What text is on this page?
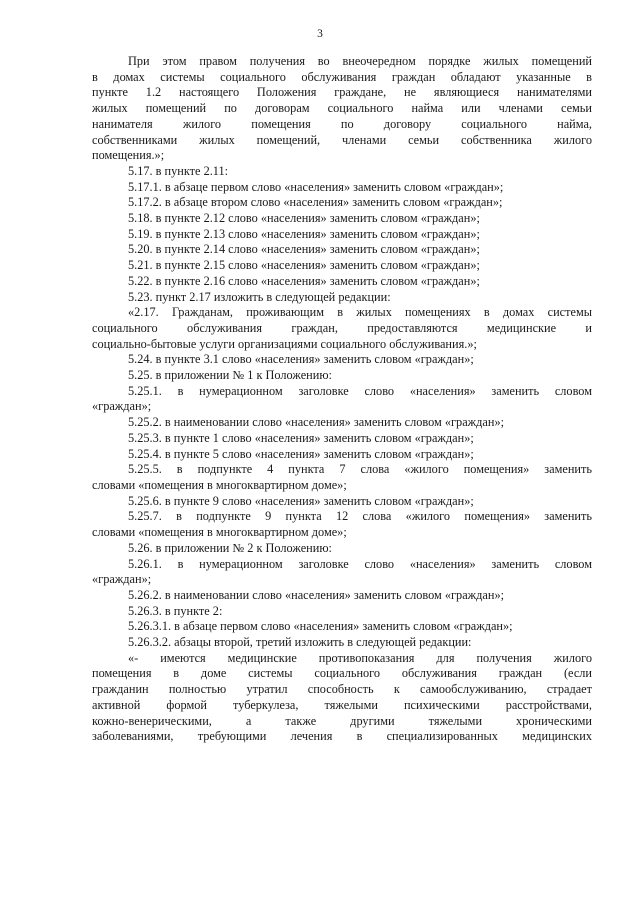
3
При этом правом получения во внеочередном порядке жилых помещений
в домах системы социального обслуживания граждан обладают указанные в
пункте 1.2 настоящего Положения граждане, не являющиеся нанимателями
жилых помещений по договорам социального найма или членами семьи
нанимателя жилого помещения по договору социального найма,
собственниками жилых помещений, членами семьи собственника жилого
помещения.»;
5.17. в пункте 2.11:
5.17.1. в абзаце первом слово «населения» заменить словом «граждан»;
5.17.2. в абзаце втором слово «населения» заменить словом «граждан»;
5.18. в пункте 2.12 слово «населения» заменить словом «граждан»;
5.19. в пункте 2.13 слово «населения» заменить словом «граждан»;
5.20. в пункте 2.14 слово «населения» заменить словом «граждан»;
5.21. в пункте 2.15 слово «населения» заменить словом «граждан»;
5.22. в пункте 2.16 слово «населения» заменить словом «граждан»;
5.23. пункт 2.17 изложить в следующей редакции:
«2.17. Гражданам, проживающим в жилых помещениях в домах системы
социального обслуживания граждан, предоставляются медицинские и
социально-бытовые услуги организациями социального обслуживания.»;
5.24. в пункте 3.1 слово «населения» заменить словом «граждан»;
5.25. в приложении № 1 к Положению:
5.25.1. в нумерационном заголовке слово «населения» заменить словом
«граждан»;
5.25.2. в наименовании слово «населения» заменить словом «граждан»;
5.25.3. в пункте 1 слово «населения» заменить словом «граждан»;
5.25.4. в пункте 5 слово «населения» заменить словом «граждан»;
5.25.5. в подпункте 4 пункта 7 слова «жилого помещения» заменить
словами «помещения в многоквартирном доме»;
5.25.6. в пункте 9 слово «населения» заменить словом «граждан»;
5.25.7. в подпункте 9 пункта 12 слова «жилого помещения» заменить
словами «помещения в многоквартирном доме»;
5.26. в приложении № 2 к Положению:
5.26.1. в нумерационном заголовке слово «населения» заменить словом
«граждан»;
5.26.2. в наименовании слово «населения» заменить словом «граждан»;
5.26.3. в пункте 2:
5.26.3.1. в абзаце первом слово «населения» заменить словом «граждан»;
5.26.3.2. абзацы второй, третий изложить в следующей редакции:
«- имеются медицинские противопоказания для получения жилого
помещения в доме системы социального обслуживания граждан (если
гражданин полностью утратил способность к самообслуживанию, страдает
активной формой туберкулеза, тяжелыми психическими расстройствами,
кожно-венерическими, а также другими тяжелыми хроническими
заболеваниями, требующими лечения в специализированных медицинских
